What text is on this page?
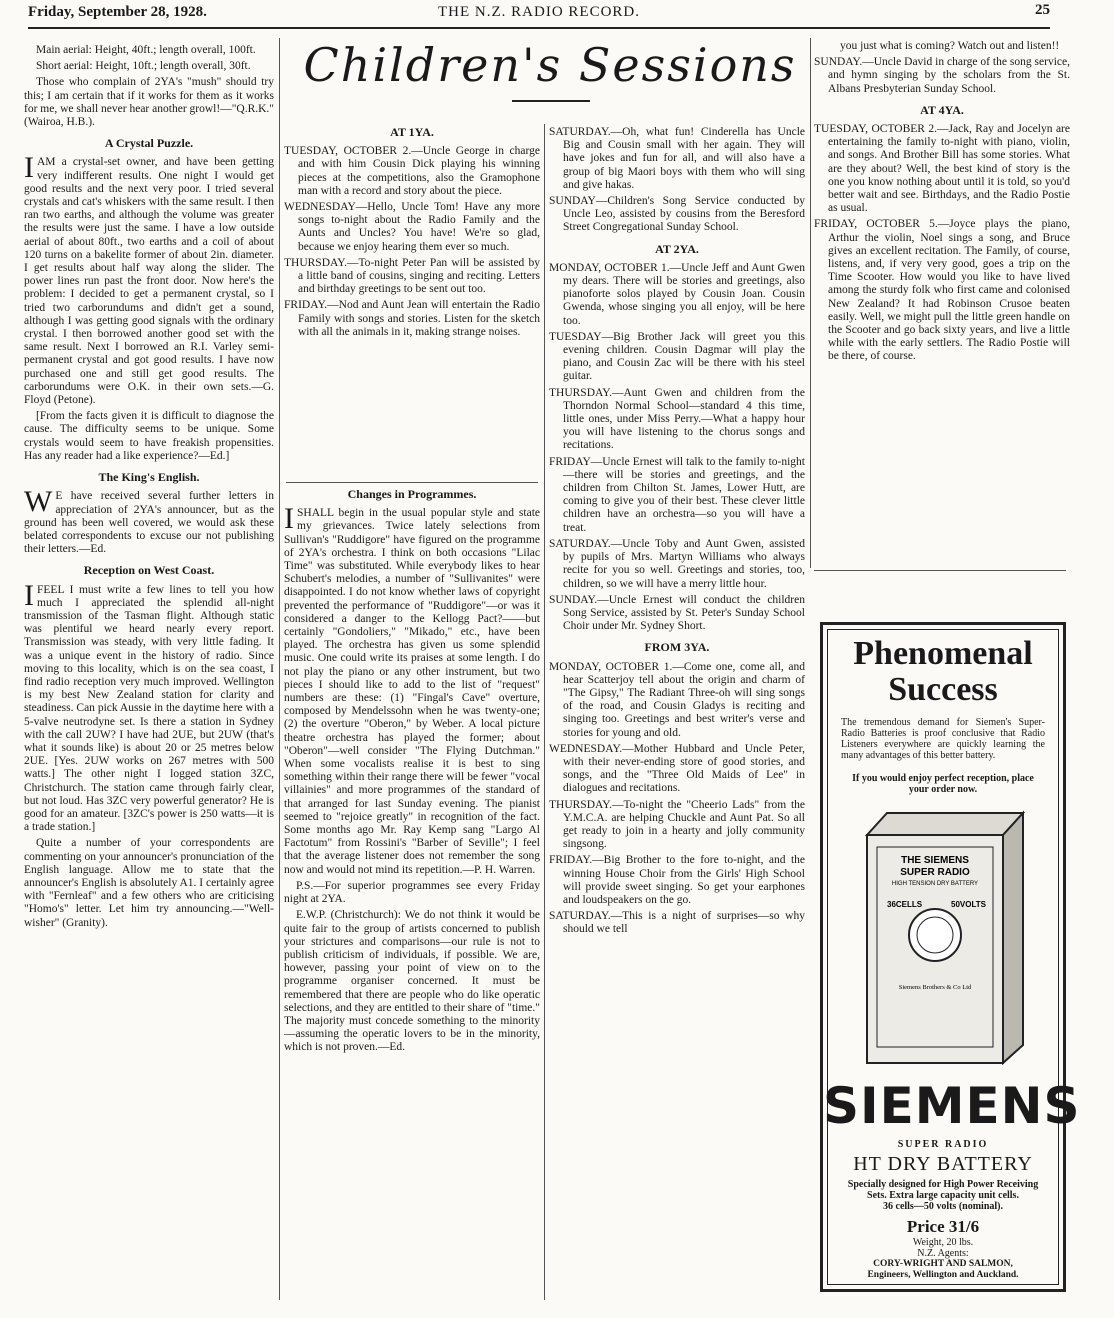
Friday, September 28, 1928.	THE N.Z. RADIO RECORD.	25

Main aerial: Height, 40ft.; length overall, 100ft.

Short aerial: Height, 10ft.; length overall, 30ft.

Those who complain of 2YA's "mush" should try this; I am certain that if it works for them as it works for me, we shall never hear another growl!—"Q.R.K." (Wairoa, H.B.).

A Crystal Puzzle.

I AM a crystal-set owner, and have been getting very indifferent results. One night I would get good results and the next very poor. I tried several crystals and cat's whiskers with the same result. I then ran two earths, and although the volume was greater the results were just the same. I have a low outside aerial of about 80ft., two earths and a coil of about 120 turns on a bakelite former of about 2in. diameter. I get results about half way along the slider. The power lines run past the front door. Now here's the problem: I decided to get a permanent crystal, so I tried two carborundums and didn't get a sound, although I was getting good signals with the ordinary crystal. I then borrowed another good set with the same result. Next I borrowed an R.I. Varley semi-permanent crystal and got good results. I have now purchased one and still get good results. The carborundums were O.K. in their own sets.—G. Floyd (Petone).

[From the facts given it is difficult to diagnose the cause. The difficulty seems to be unique. Some crystals would seem to have freakish propensities. Has any reader had a like experience?—Ed.]

The King's English.

W E have received several further letters in appreciation of 2YA's announcer, but as the ground has been well covered, we would ask these belated correspondents to excuse our not publishing their letters.—Ed.

Reception on West Coast.

I FEEL I must write a few lines to tell you how much I appreciated the splendid all-night transmission of the Tasman flight. Although static was plentiful we heard nearly every report. Transmission was steady, with very little fading. It was a unique event in the history of radio. Since moving to this locality, which is on the sea coast, I find radio reception very much improved. Wellington is my best New Zealand station for clarity and steadiness. Can pick Aussie in the daytime here with a 5-valve neutrodyne set. Is there a station in Sydney with the call 2UW? I have had 2UE, but 2UW (that's what it sounds like) is about 20 or 25 metres below 2UE. [Yes. 2UW works on 267 metres with 500 watts.] The other night I logged station 3ZC, Christchurch. The station came through fairly clear, but not loud. Has 3ZC very powerful generator? He is good for an amateur. [3ZC's power is 250 watts—it is a trade station.]

Quite a number of your correspondents are commenting on your announcer's pronunciation of the English language. Allow me to state that the announcer's English is absolutely A1. I certainly agree with "Fernleaf" and a few others who are criticising "Homo's" letter. Let him try announcing.—"Well-wisher" (Granity).

Children's Sessions
AT 1YA.

TUESDAY, OCTOBER 2.—Uncle George in charge and with him Cousin Dick playing his winning pieces at the competitions, also the Gramophone man with a record and story about the piece.

WEDNESDAY—Hello, Uncle Tom! Have any more songs to-night about the Radio Family and the Aunts and Uncles? You have! We're so glad, because we enjoy hearing them ever so much.

THURSDAY.—To-night Peter Pan will be assisted by a little band of cousins, singing and reciting. Letters and birthday greetings to be sent out too.

FRIDAY.—Nod and Aunt Jean will entertain the Radio Family with songs and stories. Listen for the sketch with all the animals in it, making strange noises.

Changes in Programmes.

I SHALL begin in the usual popular style and state my grievances. Twice lately selections from Sullivan's "Ruddigore" have figured on the programme of 2YA's orchestra. I think on both occasions "Lilac Time" was substituted. While everybody likes to hear Schubert's melodies, a number of "Sullivanites" were disappointed. I do not know whether laws of copyright prevented the performance of "Ruddigore"—or was it considered a danger to the Kellogg Pact?——but certainly "Gondoliers," "Mikado," etc., have been played. The orchestra has given us some splendid music. One could write its praises at some length. I do not play the piano or any other instrument, but two pieces I should like to add to the list of "request" numbers are these: (1) "Fingal's Cave" overture, composed by Mendelssohn when he was twenty-one; (2) the overture "Oberon," by Weber. A local picture theatre orchestra has played the former; about "Oberon"—well consider "The Flying Dutchman." When some vocalists realise it is best to sing something within their range there will be fewer "vocal villainies" and more programmes of the standard of that arranged for last Sunday evening. The pianist seemed to "rejoice greatly" in recognition of the fact. Some months ago Mr. Ray Kemp sang "Largo Al Factotum" from Rossini's "Barber of Seville"; I feel that the average listener does not remember the song now and would not mind its repetition.—P. H. Warren.

P.S.—For superior programmes see every Friday night at 2YA.

E.W.P. (Christchurch): We do not think it would be quite fair to the group of artists concerned to publish your strictures and comparisons—our rule is not to publish criticism of individuals, if possible. We are, however, passing your point of view on to the programme organiser concerned. It must be remembered that there are people who do like operatic selections, and they are entitled to their share of "time." The majority must concede something to the minority—assuming the operatic lovers to be in the minority, which is not proven.—Ed.

SATURDAY.—Oh, what fun! Cinderella has Uncle Big and Cousin small with her again. They will have jokes and fun for all, and will also have a group of big Maori boys with them who will sing and give hakas.

SUNDAY—Children's Song Service conducted by Uncle Leo, assisted by cousins from the Beresford Street Congregational Sunday School.

AT 2YA.

MONDAY, OCTOBER 1.—Uncle Jeff and Aunt Gwen my dears. There will be stories and greetings, also pianoforte solos played by Cousin Joan. Cousin Gwenda, whose singing you all enjoy, will be here too.

TUESDAY—Big Brother Jack will greet you this evening children. Cousin Dagmar will play the piano, and Cousin Zac will be there with his steel guitar.

THURSDAY.—Aunt Gwen and children from the Thorndon Normal School—standard 4 this time, little ones, under Miss Perry.—What a happy hour you will have listening to the chorus songs and recitations.

FRIDAY—Uncle Ernest will talk to the family to-night—there will be stories and greetings, and the children from Chilton St. James, Lower Hutt, are coming to give you of their best. These clever little children have an orchestra—so you will have a treat.

SATURDAY.—Uncle Toby and Aunt Gwen, assisted by pupils of Mrs. Martyn Williams who always recite for you so well. Greetings and stories, too, children, so we will have a merry little hour.

SUNDAY.—Uncle Ernest will conduct the children Song Service, assisted by St. Peter's Sunday School Choir under Mr. Sydney Short.

FROM 3YA.

MONDAY, OCTOBER 1.—Come one, come all, and hear Scatterjoy tell about the origin and charm of "The Gipsy," The Radiant Three-oh will sing songs of the road, and Cousin Gladys is reciting and singing too. Greetings and best writer's verse and stories for young and old.

WEDNESDAY.—Mother Hubbard and Uncle Peter, with their never-ending store of good stories, and songs, and the "Three Old Maids of Lee" in dialogues and recitations.

THURSDAY.—To-night the "Cheerio Lads" from the Y.M.C.A. are helping Chuckle and Aunt Pat. So all get ready to join in a hearty and jolly community singsong.

FRIDAY.—Big Brother to the fore to-night, and the winning House Choir from the Girls' High School will provide sweet singing. So get your earphones and loudspeakers on the go.

SATURDAY.—This is a night of surprises—so why should we tell

you just what is coming? Watch out and listen!!

SUNDAY.—Uncle David in charge of the song service, and hymn singing by the scholars from the St. Albans Presbyterian Sunday School.

AT 4YA.

TUESDAY, OCTOBER 2.—Jack, Ray and Jocelyn are entertaining the family to-night with piano, violin, and songs. And Brother Bill has some stories. What are they about? Well, the best kind of story is the one you know nothing about until it is told, so you'd better wait and see. Birthdays, and the Radio Postie as usual.

FRIDAY, OCTOBER 5.—Joyce plays the piano, Arthur the violin, Noel sings a song, and Bruce gives an excellent recitation. The Family, of course, listens, and, if very very good, goes a trip on the Time Scooter. How would you like to have lived among the sturdy folk who first came and colonised New Zealand? It had Robinson Crusoe beaten easily. Well, we might pull the little green handle on the Scooter and go back sixty years, and live a little while with the early settlers. The Radio Postie will be there, of course.

Phenomenal
Success
The tremendous demand for Siemen's Super-Radio Batteries is proof conclusive that Radio Listeners everywhere are quickly learning the many advantages of this better battery.
If you would enjoy perfect reception, place your order now.
THE SIEMENS
SUPER RADIO
HIGH TENSION DRY BATTERY
36CELLS	50VOLTS
Siemens Brothers & Co Ltd
SIEMENS
SUPER RADIO
HT DRY BATTERY
Specially designed for High Power Receiving Sets. Extra large capacity unit cells.
36 cells—50 volts (nominal).
Price 31/6
Weight, 20 lbs.
N.Z. Agents:
CORY-WRIGHT AND SALMON,
Engineers, Wellington and Auckland.
